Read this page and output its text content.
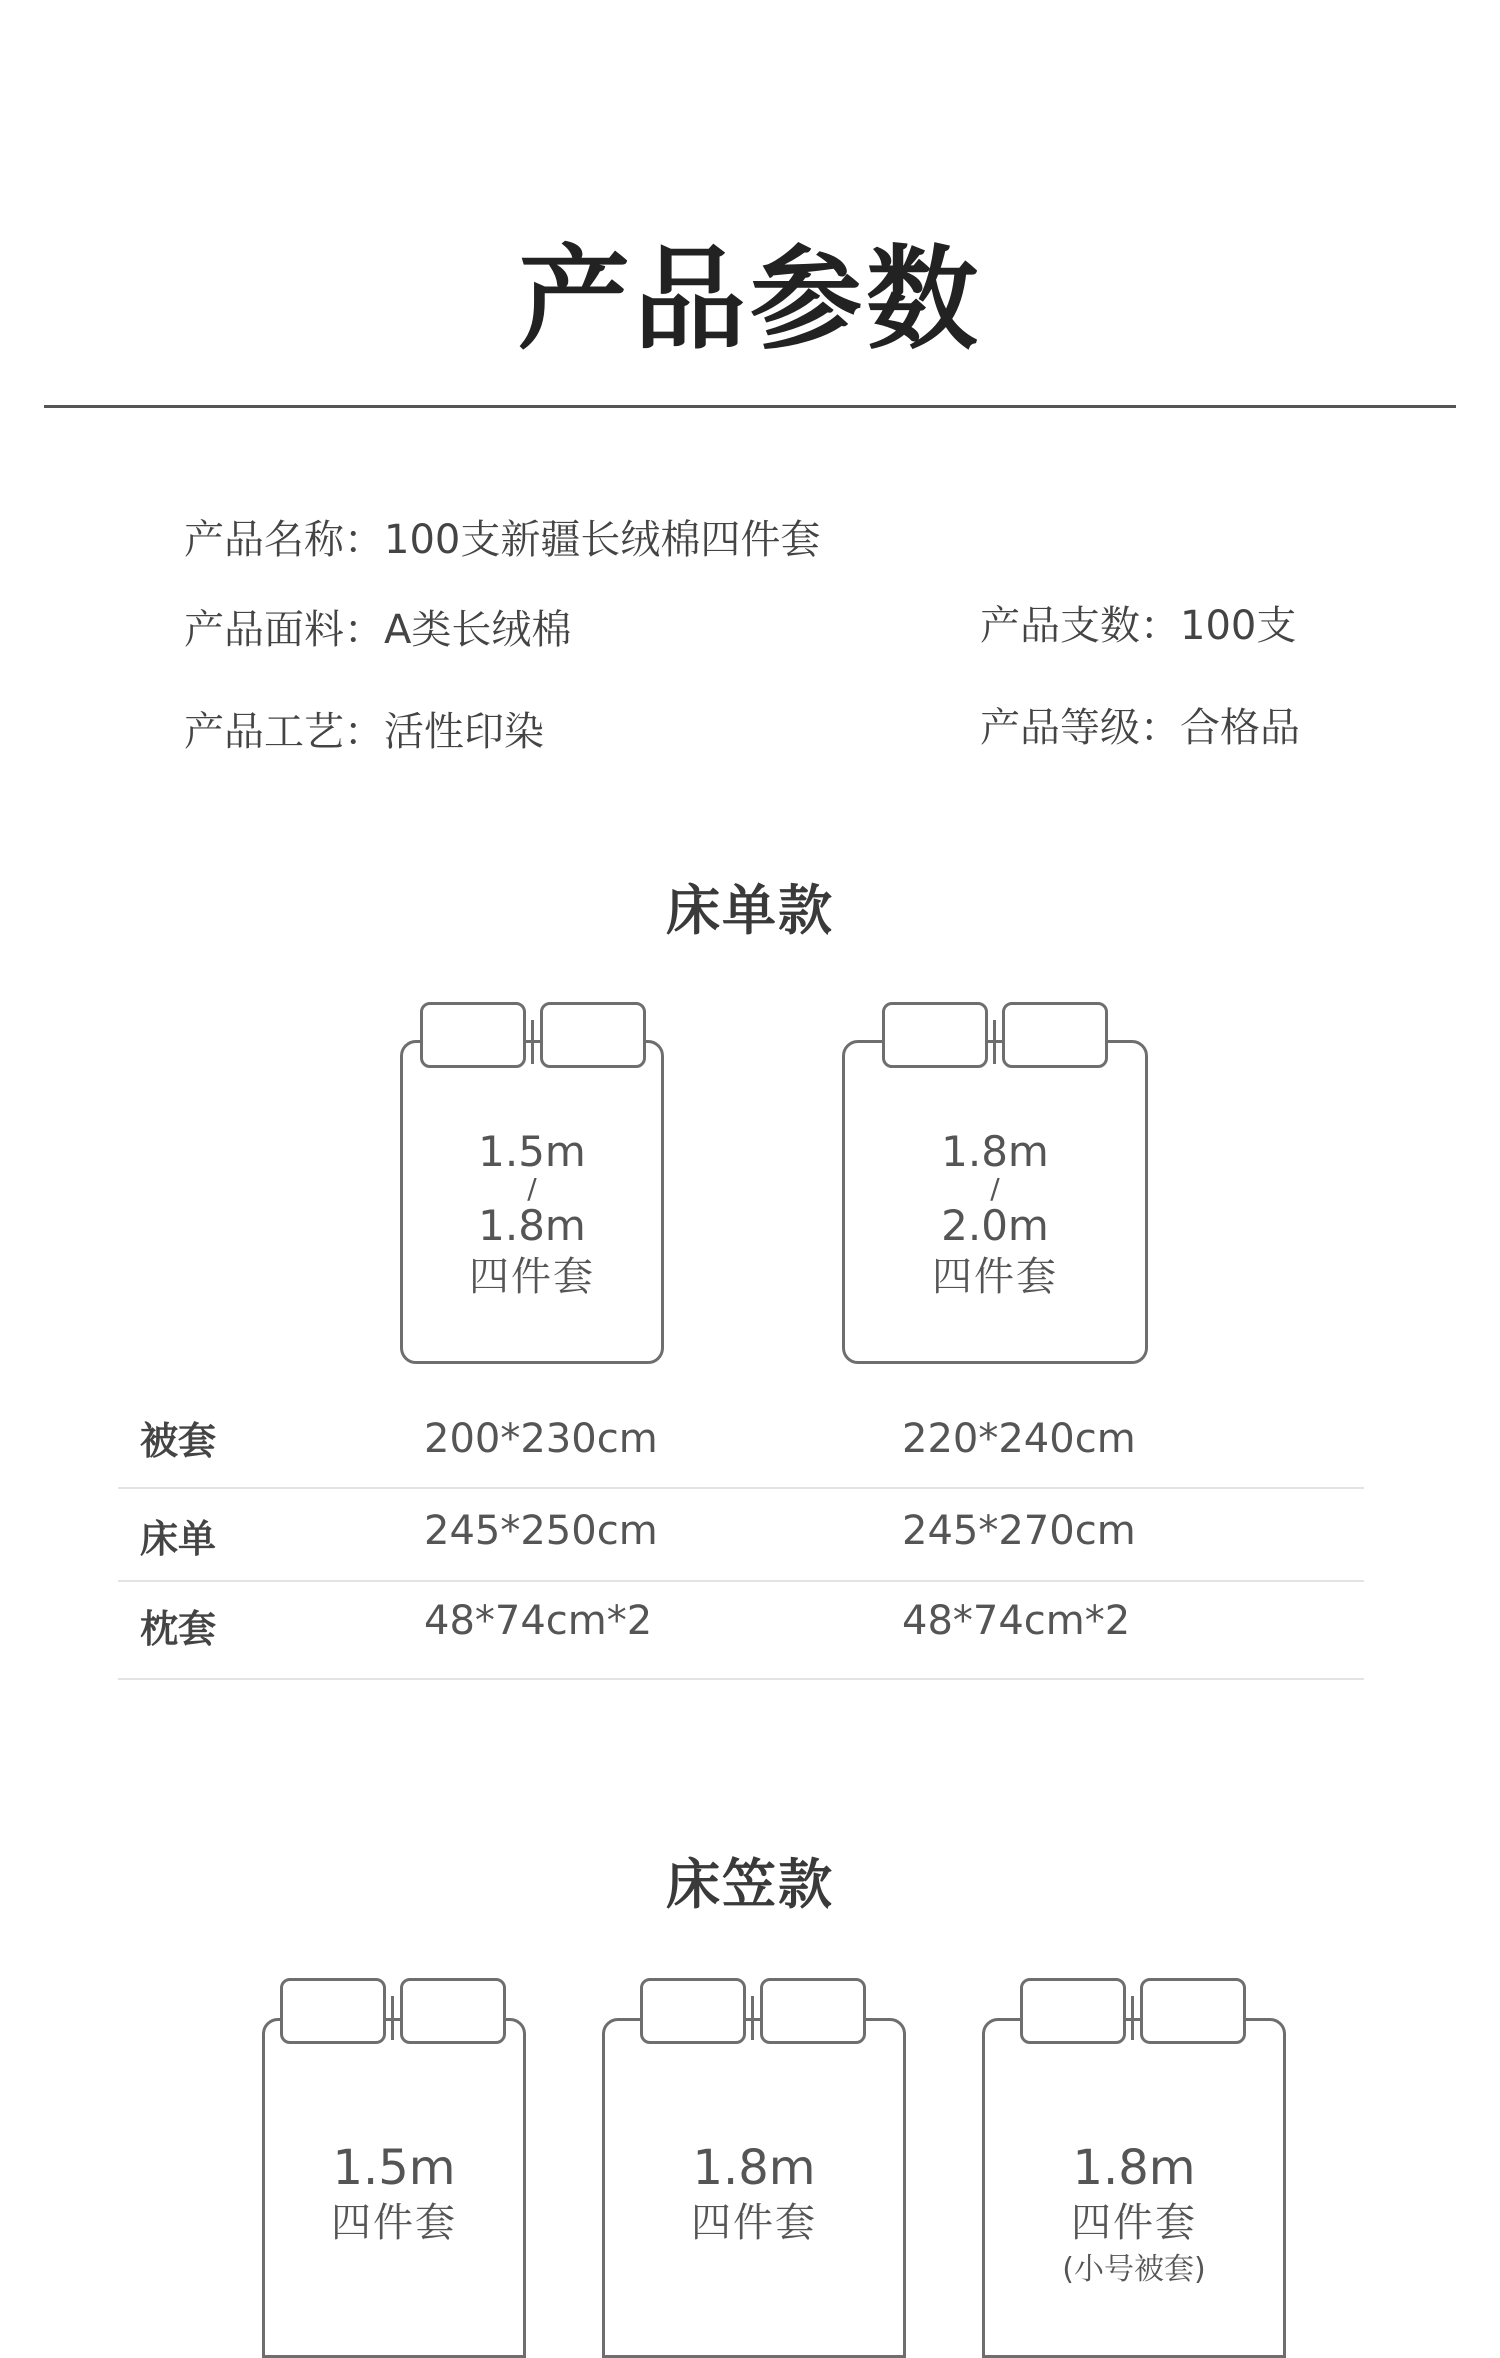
产品参数
产品名称：100支新疆长绒棉四件套
产品面料：A类长绒棉	产品支数：100支
产品工艺：活性印染	产品等级：合格品
床单款
1.5m
/
1.8m
四件套
1.8m
/
2.0m
四件套
被套	200*230cm	220*240cm
床单	245*250cm	245*270cm
枕套	48*74cm*2	48*74cm*2
床笠款
1.5m
四件套
1.8m
四件套
1.8m
四件套
(小号被套)
